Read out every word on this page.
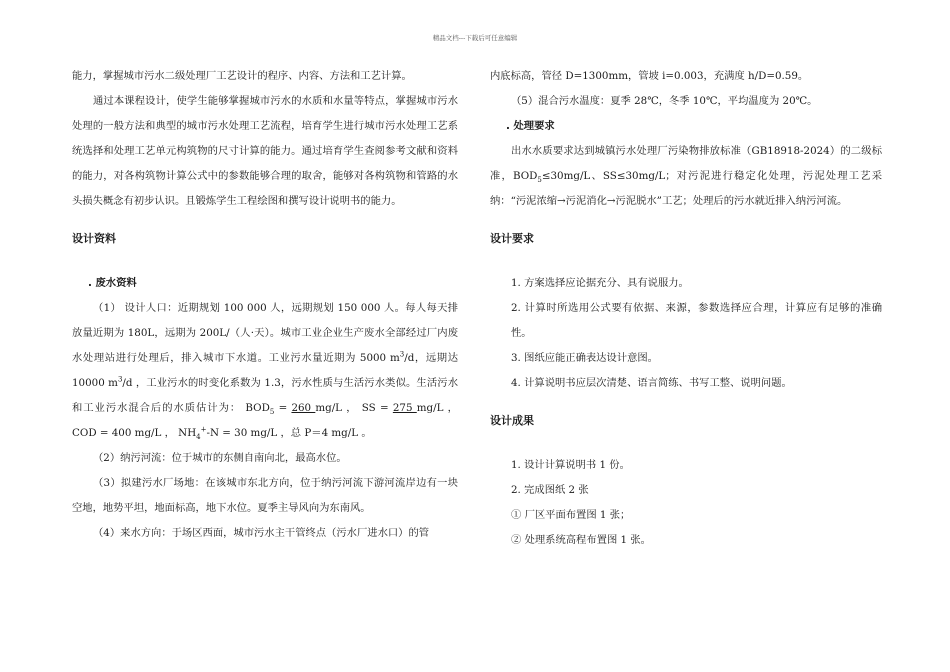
精品文档---下载后可任意编辑

能力，掌握城市污水二级处理厂工艺设计的程序、内容、方法和工艺计算。

通过本课程设计，使学生能够掌握城市污水的水质和水量等特点，掌握城市污水处理的一般方法和典型的城市污水处理工艺流程，培育学生进行城市污水处理工艺系统选择和处理工艺单元构筑物的尺寸计算的能力。通过培育学生查阅参考文献和资料的能力，对各构筑物计算公式中的参数能够合理的取舍，能够对各构筑物和管路的水头损失概念有初步认识。且锻炼学生工程绘图和撰写设计说明书的能力。

设计资料

. 废水资料

（1） 设计人口：近期规划 100 000 人，远期规划 150 000 人。每人每天排放量近期为 180L，远期为 200L/（人·天）。城市工业企业生产废水全部经过厂内废水处理站进行处理后，排入城市下水道。工业污水量近期为 5000 $m^3/d$，远期达 10000 $m^3/d$ ，工业污水的时变化系数为 1.3，污水性质与生活污水类似。生活污水和工业污水混合后的水质估计为： $BOD_5 = 260$ mg/L ， SS = 275 mg/L ， COD = 400 mg/L ， $NH_4^+-N = 30$ mg/L ，总 P＝4 mg/L 。

（2）纳污河流：位于城市的东侧自南向北，最高水位。

（3）拟建污水厂场地：在该城市东北方向，位于纳污河流下游河流岸边有一块空地，地势平坦，地面标高，地下水位。夏季主导风向为东南风。

（4）来水方向：于场区西面，城市污水主干管终点（污水厂进水口）的管

内底标高，管径 D=1300mm，管坡 i=0.003，充满度 h/D=0.59。

（5）混合污水温度：夏季 28℃，冬季 10℃，平均温度为 20℃。

. 处理要求

出水水质要求达到城镇污水处理厂污染物排放标准（GB18918-2024）的二级标准，$BOD_5\le 30mg/L$、SS≤30mg/L；对污泥进行稳定化处理，污泥处理工艺采纳：“污泥浓缩→污泥消化→污泥脱水”工艺；处理后的污水就近排入纳污河流。

设计要求

1. 方案选择应论据充分、具有说服力。

2. 计算时所选用公式要有依据、来源，参数选择应合理，计算应有足够的准确性。

3. 图纸应能正确表达设计意图。

4. 计算说明书应层次清楚、语言简练、书写工整、说明问题。

设计成果

1. 设计计算说明书 1 份。

2. 完成图纸 2 张

① 厂区平面布置图 1 张；

② 处理系统高程布置图 1 张。
